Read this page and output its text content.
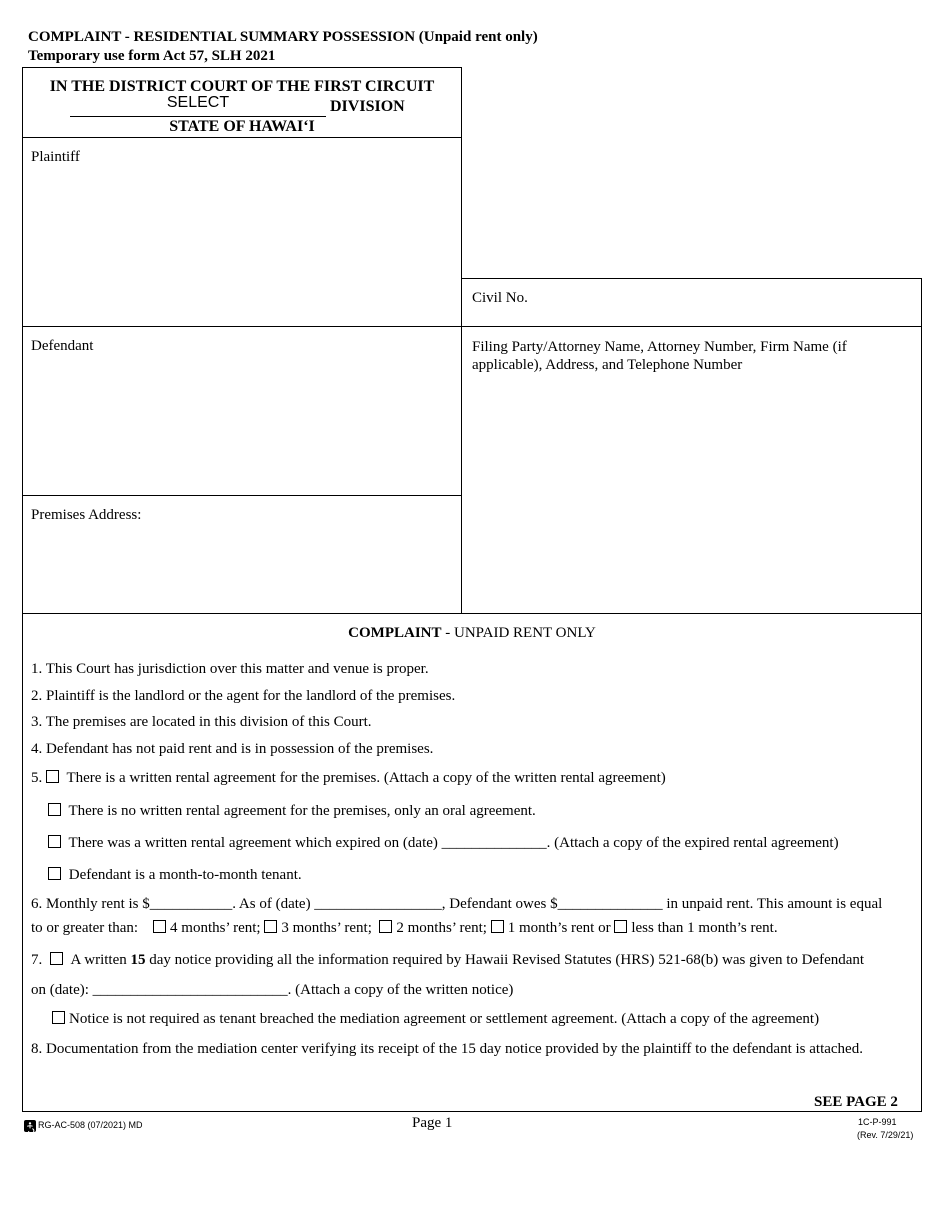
COMPLAINT - RESIDENTIAL SUMMARY POSSESSION (Unpaid rent only)
Temporary use form Act 57, SLH 2021
IN THE DISTRICT COURT OF THE FIRST CIRCUIT
SELECT	DIVISION
STATE OF HAWAIʻI
Plaintiff
Civil No.
Defendant	Filing Party/Attorney Name, Attorney Number, Firm Name (if applicable), Address, and Telephone Number
Premises Address:
COMPLAINT - UNPAID RENT ONLY
1. This Court has jurisdiction over this matter and venue is proper.
2. Plaintiff is the landlord or the agent for the landlord of the premises.
3. The premises are located in this division of this Court.
4. Defendant has not paid rent and is in possession of the premises.
5. There is a written rental agreement for the premises. (Attach a copy of the written rental agreement)
There is no written rental agreement for the premises, only an oral agreement.
There was a written rental agreement which expired on (date) ______________. (Attach a copy of the expired rental agreement)
Defendant is a month-to-month tenant.
6. Monthly rent is $___________. As of (date) _________________, Defendant owes $______________ in unpaid rent. This amount is equal
to or greater than: 4 months’ rent; 3 months’ rent; 2 months’ rent; 1 month’s rent or less than 1 month’s rent.
7. A written 15 day notice providing all the information required by Hawaii Revised Statutes (HRS) 521-68(b) was given to Defendant
on (date): __________________________. (Attach a copy of the written notice)
Notice is not required as tenant breached the mediation agreement or settlement agreement. (Attach a copy of the agreement)
8. Documentation from the mediation center verifying its receipt of the 15 day notice provided by the plaintiff to the defendant is attached.
SEE PAGE 2
RG-AC-508 (07/2021) MD	Page 1	1C-P-991
(Rev. 7/29/21)
